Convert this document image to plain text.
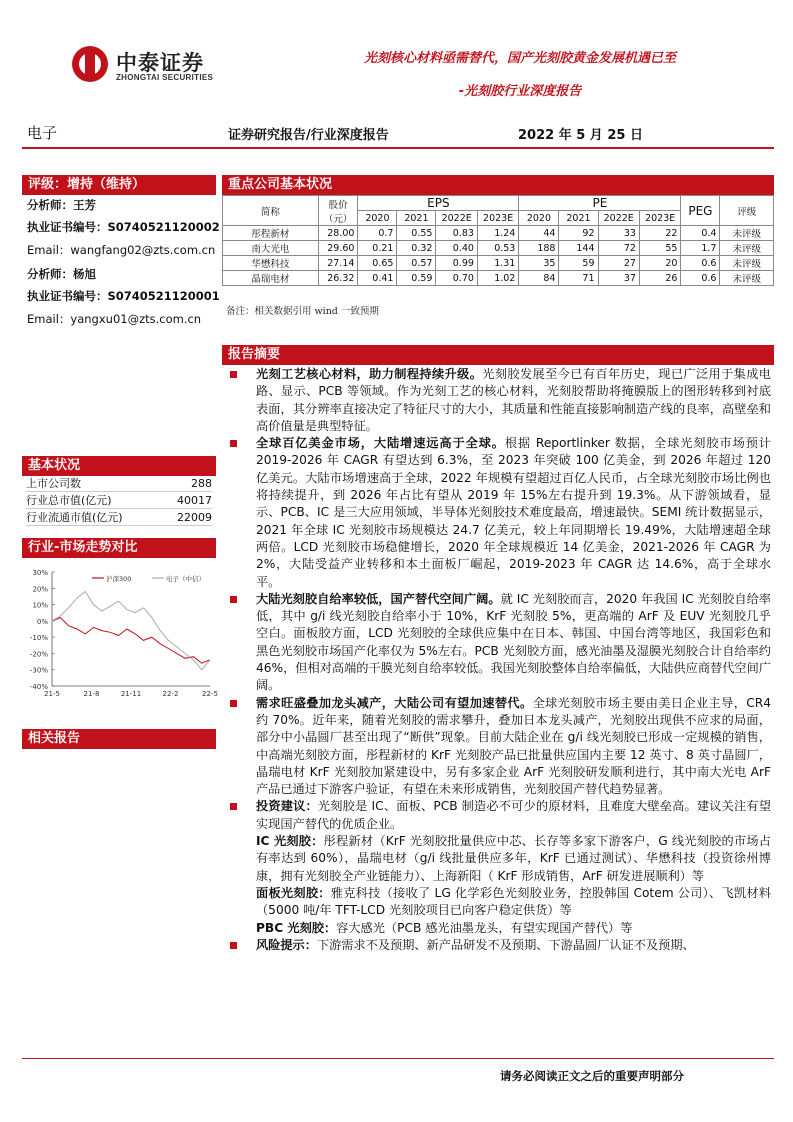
中泰证券
ZHONGTAI SECURITIES
光刻核心材料亟需替代，国产光刻胶黄金发展机遇已至
-光刻胶行业深度报告
电子	证券研究报告/行业深度报告	2022 年 5 月 25 日
评级：增持（维持）
分析师：王芳
执业证书编号：S0740521120002
Email：wangfang02@zts.com.cn
分析师：杨旭
执业证书编号：S0740521120001
Email：yangxu01@zts.com.cn
基本状况
上市公司数	288
行业总市值(亿元)	40017
行业流通市值(亿元)	22009
行业-市场走势对比
30%
20%
10%
0%
-10%
-20%
-30%
-40%
21-5	21-8	21-11	22-2	22-5
沪深300	电子（中信）
相关报告
重点公司基本状况
简称	股价（元）	EPS				PE				PEG	评级
		2020	2021	2022E	2023E	2020	2021	2022E	2023E		
彤程新材	28.00	0.7	0.55	0.83	1.24	44	92	33	22	0.4	未评级
南大光电	29.60	0.21	0.32	0.40	0.53	188	144	72	55	1.7	未评级
华懋科技	27.14	0.65	0.57	0.99	1.31	35	59	27	20	0.6	未评级
晶瑞电材	26.32	0.41	0.59	0.70	1.02	84	71	37	26	0.6	未评级
备注：相关数据引用 wind 一致预期
报告摘要
光刻工艺核心材料，助力制程持续升级。光刻胶发展至今已有百年历史，现已广泛用于集成电路、显示、PCB 等领域。作为光刻工艺的核心材料，光刻胶帮助将掩膜版上的图形转移到衬底表面，其分辨率直接决定了特征尺寸的大小，其质量和性能直接影响制造产线的良率，高壁垒和高价值量是典型特征。
全球百亿美金市场，大陆增速远高于全球。根据 Reportlinker 数据，全球光刻胶市场预计 2019-2026 年 CAGR 有望达到 6.3%，至 2023 年突破 100 亿美金，到 2026 年超过 120 亿美元。大陆市场增速高于全球，2022 年规模有望超过百亿人民币，占全球光刻胶市场比例也将持续提升，到 2026 年占比有望从 2019 年 15%左右提升到 19.3%。从下游领域看，显示、PCB、IC 是三大应用领域，半导体光刻胶技术难度最高，增速最快。SEMI 统计数据显示，2021 年全球 IC 光刻胶市场规模达 24.7 亿美元，较上年同期增长 19.49%，大陆增速超全球两倍。LCD 光刻胶市场稳健增长，2020 年全球规模近 14 亿美金，2021-2026 年 CAGR 为 2%，大陆受益产业转移和本土面板厂崛起，2019-2023 年 CAGR 达 14.6%，高于全球水平。
大陆光刻胶自给率较低，国产替代空间广阔。就 IC 光刻胶而言，2020 年我国 IC 光刻胶自给率低，其中 g/i 线光刻胶自给率小于 10%，KrF 光刻胶 5%，更高端的 ArF 及 EUV 光刻胶几乎空白。面板胶方面，LCD 光刻胶的全球供应集中在日本、韩国、中国台湾等地区，我国彩色和黑色光刻胶市场国产化率仅为 5%左右。PCB 光刻胶方面，感光油墨及湿膜光刻胶合计自给率约 46%，但相对高端的干膜光刻自给率较低。我国光刻胶整体自给率偏低，大陆供应商替代空间广阔。
需求旺盛叠加龙头减产，大陆公司有望加速替代。全球光刻胶市场主要由美日企业主导，CR4 约 70%。近年来，随着光刻胶的需求攀升，叠加日本龙头减产，光刻胶出现供不应求的局面，部分中小晶圆厂甚至出现了“断供”现象。目前大陆企业在 g/i 线光刻胶已形成一定规模的销售，中高端光刻胶方面，彤程新材的 KrF 光刻胶产品已批量供应国内主要 12 英寸、8 英寸晶圆厂，晶瑞电材 KrF 光刻胶加紧建设中，另有多家企业 ArF 光刻胶研发顺利进行，其中南大光电 ArF 产品已通过下游客户验证，有望在未来形成销售，光刻胶国产替代趋势显著。
投资建议：光刻胶是 IC、面板、PCB 制造必不可少的原材料，且难度大壁垒高。建议关注有望实现国产替代的优质企业。
IC 光刻胶：彤程新材（KrF 光刻胶批量供应中芯、长存等多家下游客户，G 线光刻胶的市场占有率达到 60%），晶瑞电材（g/i 线批量供应多年，KrF 已通过测试）、华懋科技（投资徐州博康，拥有光刻胶全产业链能力）、上海新阳（ KrF 形成销售，ArF 研发进展顺利）等
面板光刻胶：雅克科技（接收了 LG 化学彩色光刻胶业务，控股韩国 Cotem 公司）、飞凯材料（5000 吨/年 TFT-LCD 光刻胶项目已向客户稳定供货）等
PBC 光刻胶：容大感光（PCB 感光油墨龙头，有望实现国产替代）等
风险提示：下游需求不及预期、新产品研发不及预期、下游晶圆厂认证不及预期、
请务必阅读正文之后的重要声明部分
